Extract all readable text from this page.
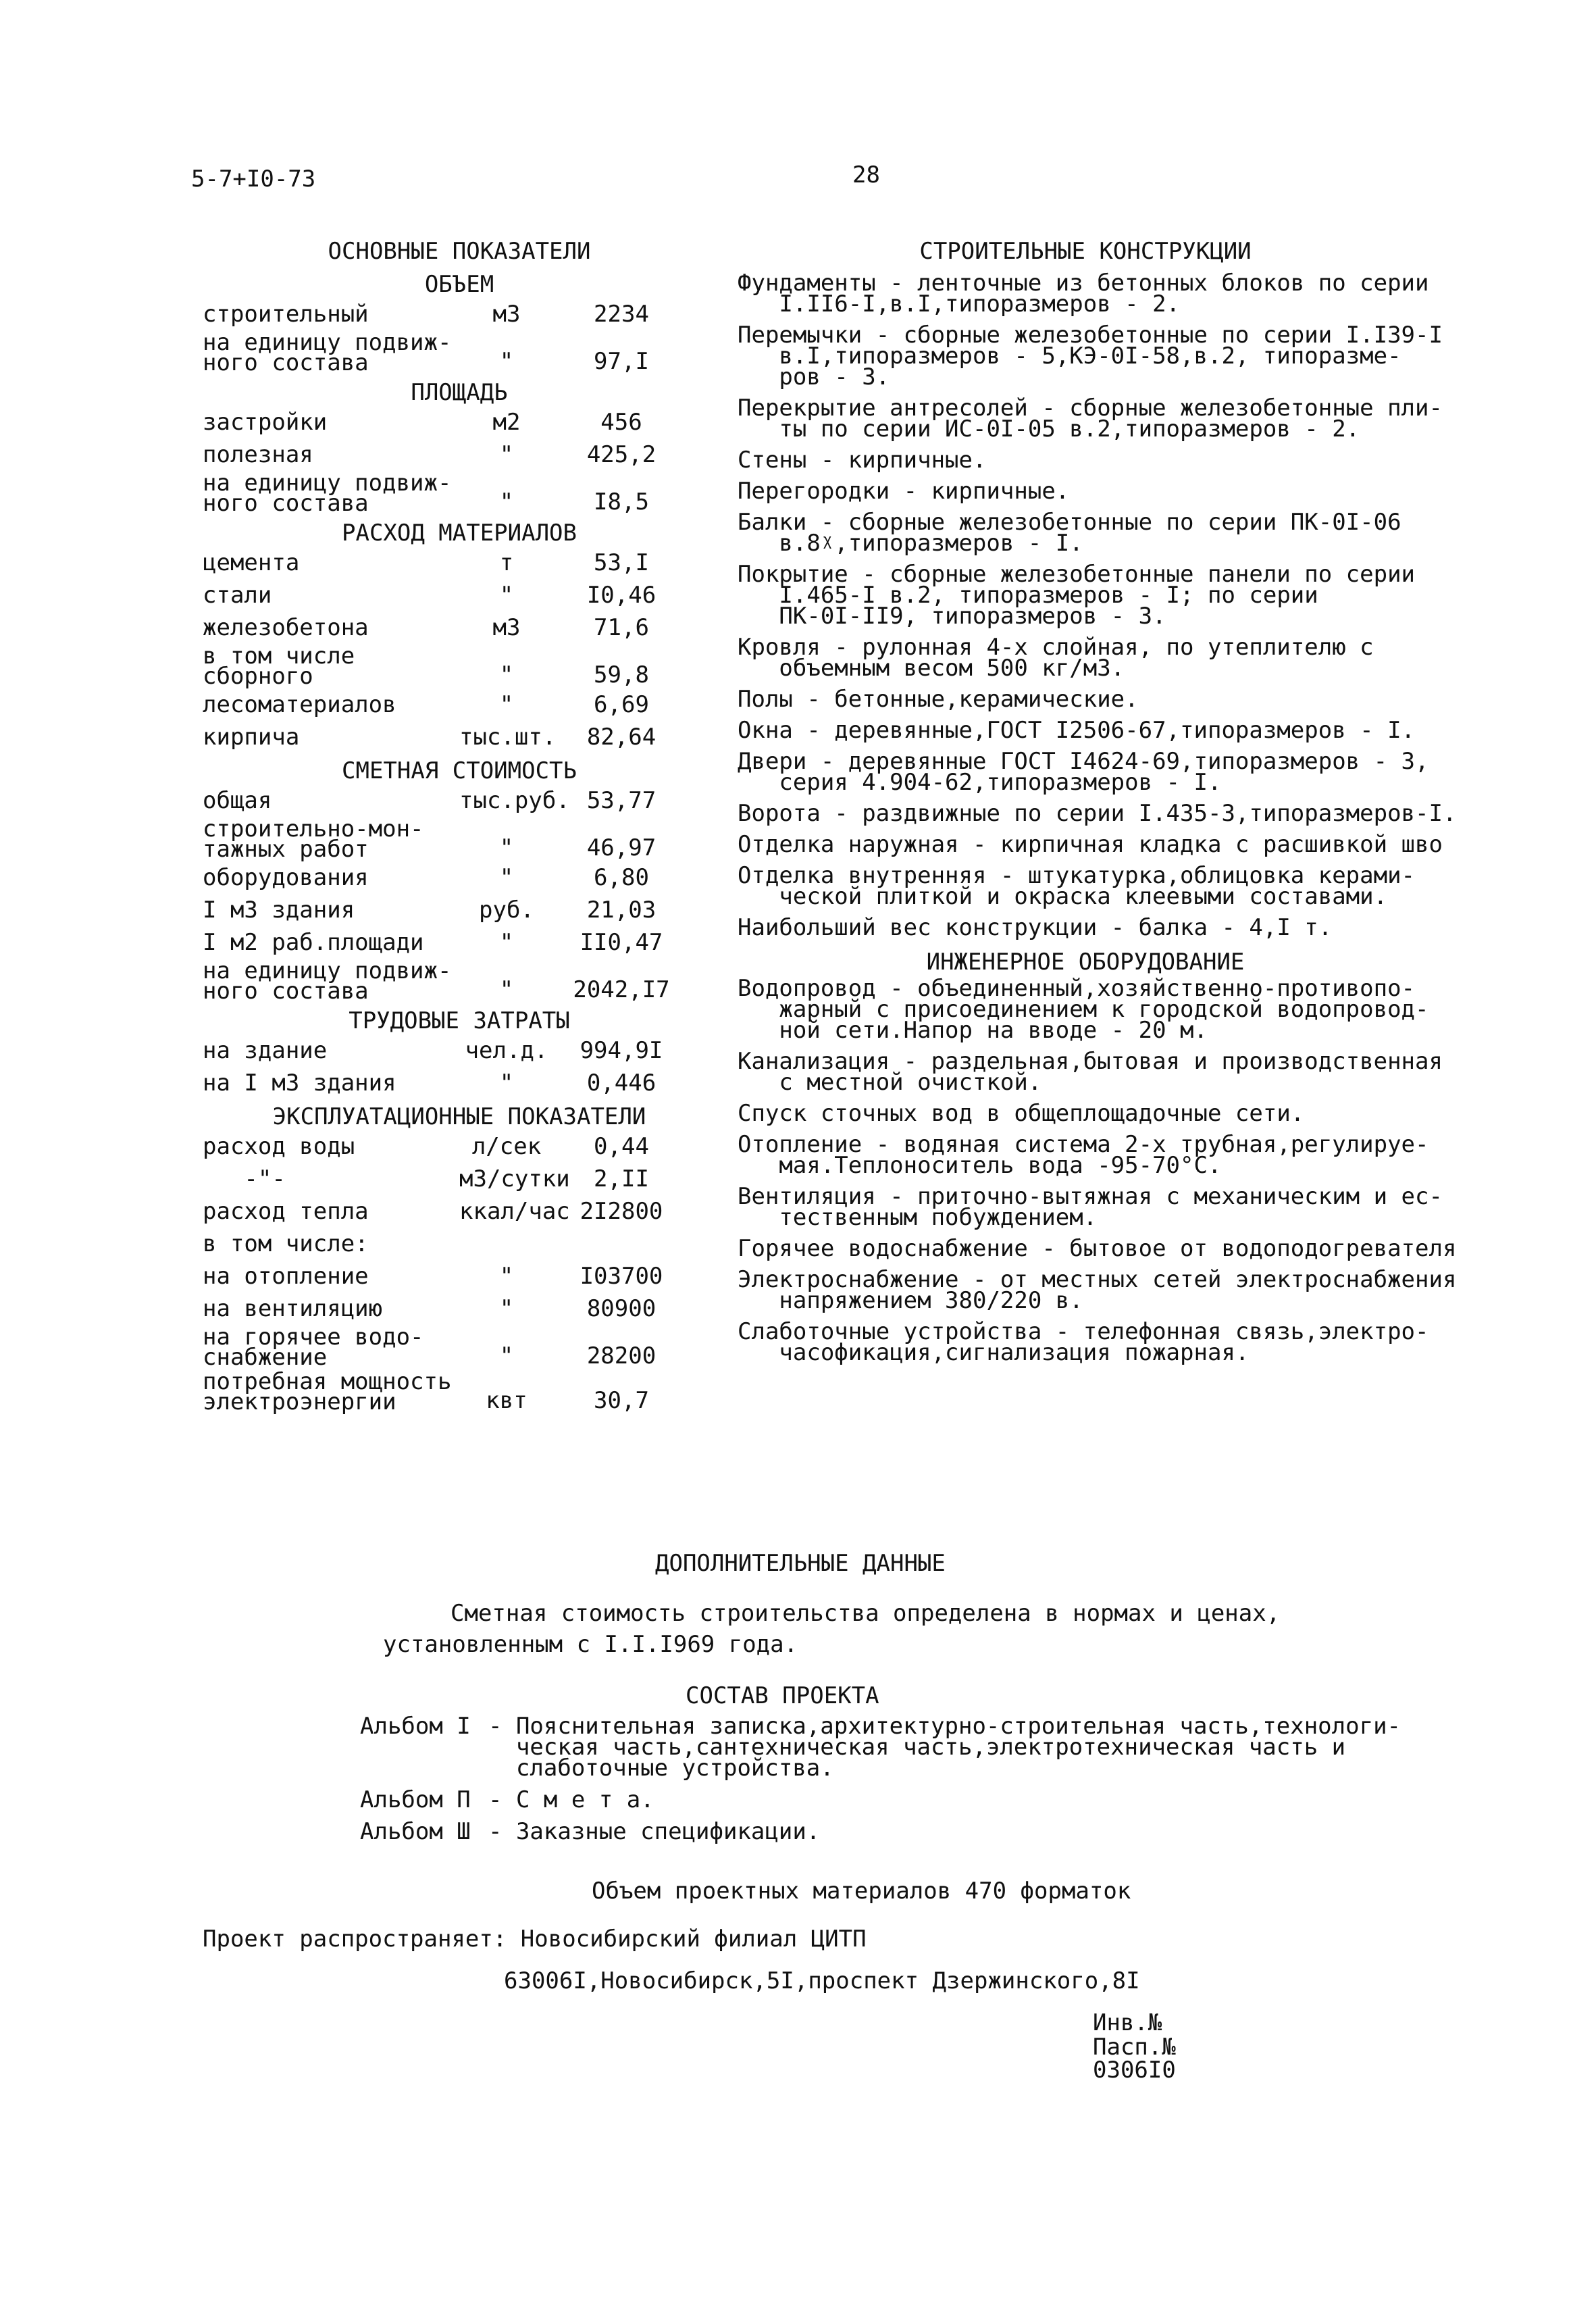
5-7+I0-73	28
ОСНОВНЫЕ ПОКАЗАТЕЛИ
ОБЪЕМ
строительный	м3	2234
на единицу подвиж-
ного состава	"	97,I
ПЛОЩАДЬ
застройки	м2	456
полезная	"	425,2
на единицу подвиж-
ного состава	"	I8,5
РАСХОД МАТЕРИАЛОВ
цемента	т	53,I
стали	"	I0,46
железобетона	м3	71,6
в том числе
сборного	"	59,8
лесоматериалов	"	6,69
кирпича	тыс.шт.	82,64
СМЕТНАЯ СТОИМОСТЬ
общая	тыс.руб. 53,77
строительно-мон-
тажных работ	"	46,97
оборудования	"	6,80
I м3 здания	руб.	21,03
I м2 раб.площади	"	II0,47
на единицу подвиж-
ного состава	"	2042,I7
ТРУДОВЫЕ ЗАТРАТЫ
на здание	чел.д.	994,9I
на I м3 здания	"	0,446
ЭКСПЛУАТАЦИОННЫЕ ПОКАЗАТЕЛИ
расход воды	л/сек	0,44
-"-	м3/сутки	2,II
расход тепла	ккал/час 2I2800
в том числе:
на отопление	"	I03700
на вентиляцию	"	80900
на горячее водо-
снабжение	"	28200
потребная мощность
электроэнергии	квт	30,7
СТРОИТЕЛЬНЫЕ КОНСТРУКЦИИ
Фундаменты - ленточные из бетонных блоков по серии
I.II6-I,в.I,типоразмеров - 2.
Перемычки - сборные железобетонные по серии I.I39-I
в.I,типоразмеров - 5,КЭ-0I-58,в.2, типоразме-
ров - 3.
Перекрытие антресолей - сборные железобетонные пли-
ты по серии ИС-0I-05 в.2,типоразмеров - 2.
Стены - кирпичные.
Перегородки - кирпичные.
Балки - сборные железобетонные по серии ПК-0I-06
в.8ᵡ,типоразмеров - I.
Покрытие - сборные железобетонные панели по серии
I.465-I в.2, типоразмеров - I; по серии
ПК-0I-II9, типоразмеров - 3.
Кровля - рулонная 4-х слойная, по утеплителю с
объемным весом 500 кг/м3.
Полы - бетонные,керамические.
Окна - деревянные,ГОСТ I2506-67,типоразмеров - I.
Двери - деревянные ГОСТ I4624-69,типоразмеров - 3,
серия 4.904-62,типоразмеров - I.
Ворота - раздвижные по серии I.435-3,типоразмеров-I.
Отделка наружная - кирпичная кладка с расшивкой шво
Отделка внутренняя - штукатурка,облицовка керами-
ческой плиткой и окраска клеевыми составами.
Наибольший вес конструкции - балка - 4,I т.
ИНЖЕНЕРНОЕ ОБОРУДОВАНИЕ
Водопровод - объединенный,хозяйственно-противопо-
жарный с присоединением к городской водопровод-
ной сети.Напор на вводе - 20 м.
Канализация - раздельная,бытовая и производственная
с местной очисткой.
Спуск сточных вод в общеплощадочные сети.
Отопление - водяная система 2-х трубная,регулируе-
мая.Теплоноситель вода -95-70°С.
Вентиляция - приточно-вытяжная с механическим и ес-
тественным побуждением.
Горячее водоснабжение - бытовое от водоподогревателя
Электроснабжение - от местных сетей электроснабжения
напряжением 380/220 в.
Слаботочные устройства - телефонная связь,электро-
часофикация,сигнализация пожарная.
ДОПОЛНИТЕЛЬНЫЕ ДАННЫЕ
Сметная стоимость строительства определена в нормах и ценах,
установленным с I.I.I969 года.
СОСТАВ ПРОЕКТА
Альбом I - Пояснительная записка,архитектурно-строительная часть,технологи-
ческая часть,сантехническая часть,электротехническая часть и
слаботочные устройства.
Альбом П - С м е т а.
Альбом Ш - Заказные спецификации.
Объем проектных материалов 470 форматок
Проект распространяет: Новосибирский филиал ЦИТП
63006I,Новосибирск,5I,проспект Дзержинского,8I
Инв.№
Пасп.№ 0306I0
